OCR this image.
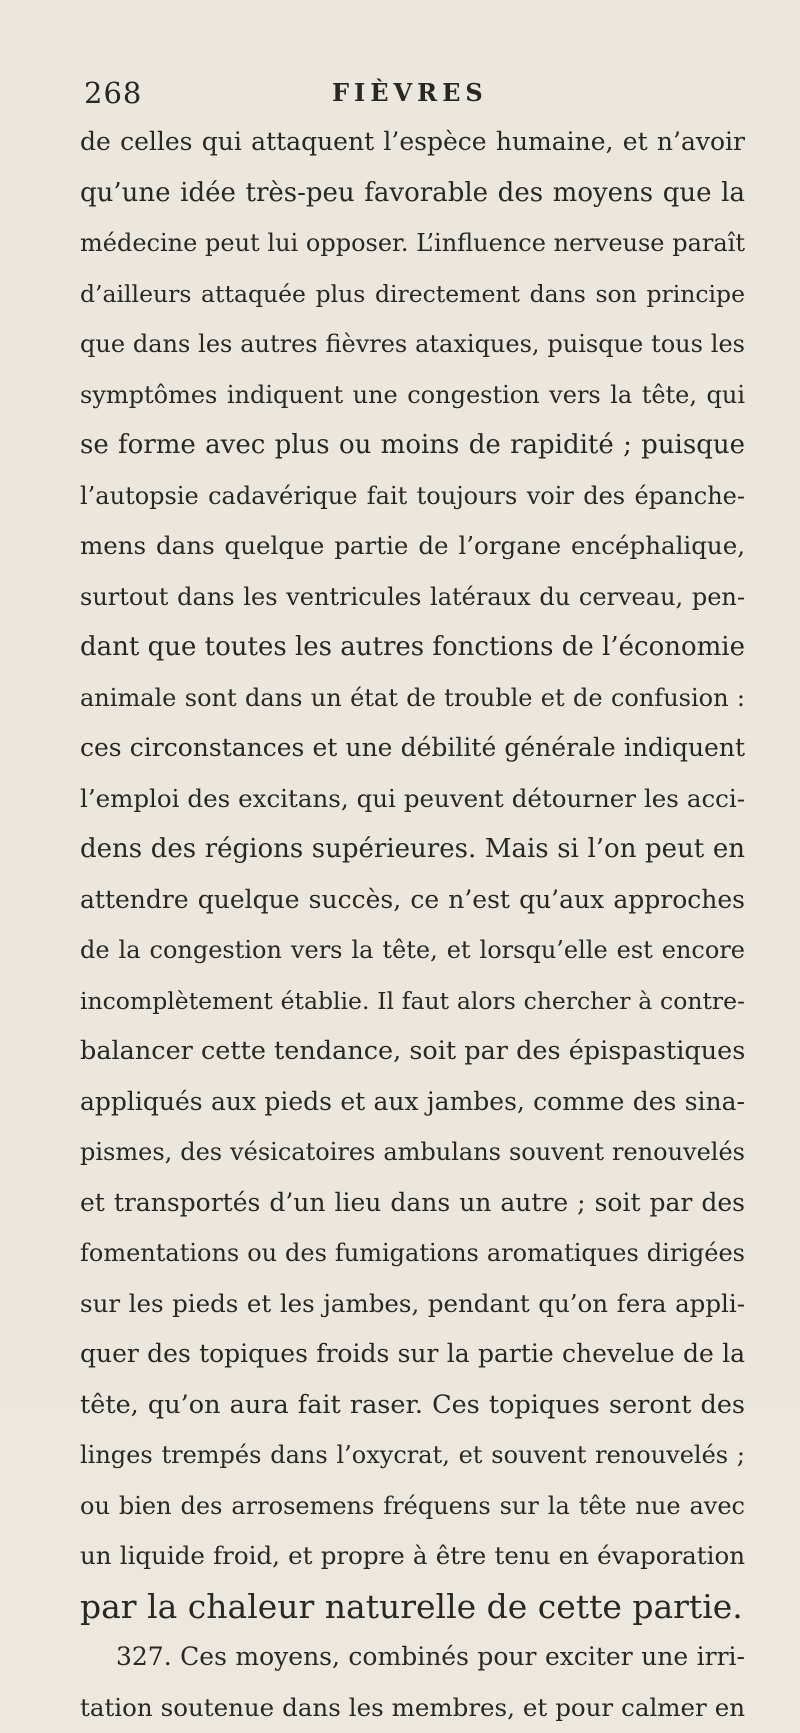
268	FIÈVRES
de celles qui attaquent l’espèce humaine, et n’avoir
qu’une idée très-peu favorable des moyens que la
médecine peut lui opposer. L’influence nerveuse paraît
d’ailleurs attaquée plus directement dans son principe
que dans les autres fièvres ataxiques, puisque tous les
symptômes indiquent une congestion vers la tête, qui
se forme avec plus ou moins de rapidité ; puisque
l’autopsie cadavérique fait toujours voir des épanche-
mens dans quelque partie de l’organe encéphalique,
surtout dans les ventricules latéraux du cerveau, pen-
dant que toutes les autres fonctions de l’économie
animale sont dans un état de trouble et de confusion :
ces circonstances et une débilité générale indiquent
l’emploi des excitans, qui peuvent détourner les acci-
dens des régions supérieures. Mais si l’on peut en
attendre quelque succès, ce n’est qu’aux approches
de la congestion vers la tête, et lorsqu’elle est encore
incomplètement établie. Il faut alors chercher à contre-
balancer cette tendance, soit par des épispastiques
appliqués aux pieds et aux jambes, comme des sina-
pismes, des vésicatoires ambulans souvent renouvelés
et transportés d’un lieu dans un autre ; soit par des
fomentations ou des fumigations aromatiques dirigées
sur les pieds et les jambes, pendant qu’on fera appli-
quer des topiques froids sur la partie chevelue de la
tête, qu’on aura fait raser. Ces topiques seront des
linges trempés dans l’oxycrat, et souvent renouvelés ;
ou bien des arrosemens fréquens sur la tête nue avec
un liquide froid, et propre à être tenu en évaporation
par la chaleur naturelle de cette partie.
327. Ces moyens, combinés pour exciter une irri-
tation soutenue dans les membres, et pour calmer en
